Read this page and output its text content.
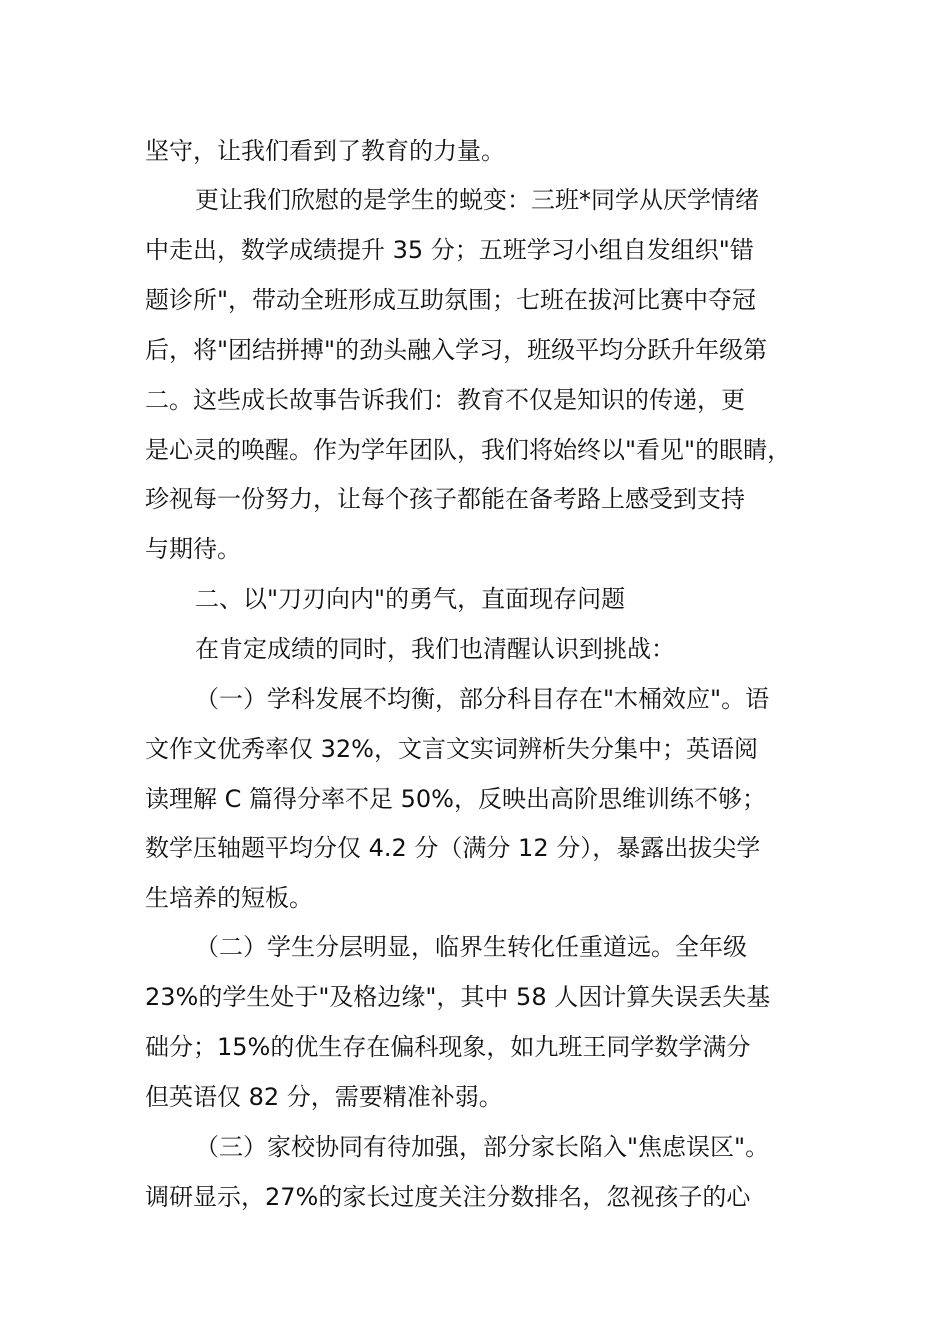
坚守，让我们看到了教育的力量。
更让我们欣慰的是学生的蜕变：三班*同学从厌学情绪
中走出，数学成绩提升 35 分；五班学习小组自发组织"错
题诊所"，带动全班形成互助氛围；七班在拔河比赛中夺冠
后，将"团结拼搏"的劲头融入学习，班级平均分跃升年级第
二。这些成长故事告诉我们：教育不仅是知识的传递，更
是心灵的唤醒。作为学年团队，我们将始终以"看见"的眼睛，
珍视每一份努力，让每个孩子都能在备考路上感受到支持
与期待。
二、以"刀刃向内"的勇气，直面现存问题
在肯定成绩的同时，我们也清醒认识到挑战：
（一）学科发展不均衡，部分科目存在"木桶效应"。语
文作文优秀率仅 32%，文言文实词辨析失分集中；英语阅
读理解 C 篇得分率不足 50%，反映出高阶思维训练不够；
数学压轴题平均分仅 4.2 分（满分 12 分），暴露出拔尖学
生培养的短板。
（二）学生分层明显，临界生转化任重道远。全年级
23%的学生处于"及格边缘"，其中 58 人因计算失误丢失基
础分；15%的优生存在偏科现象，如九班王同学数学满分
但英语仅 82 分，需要精准补弱。
（三）家校协同有待加强，部分家长陷入"焦虑误区"。
调研显示，27%的家长过度关注分数排名，忽视孩子的心
